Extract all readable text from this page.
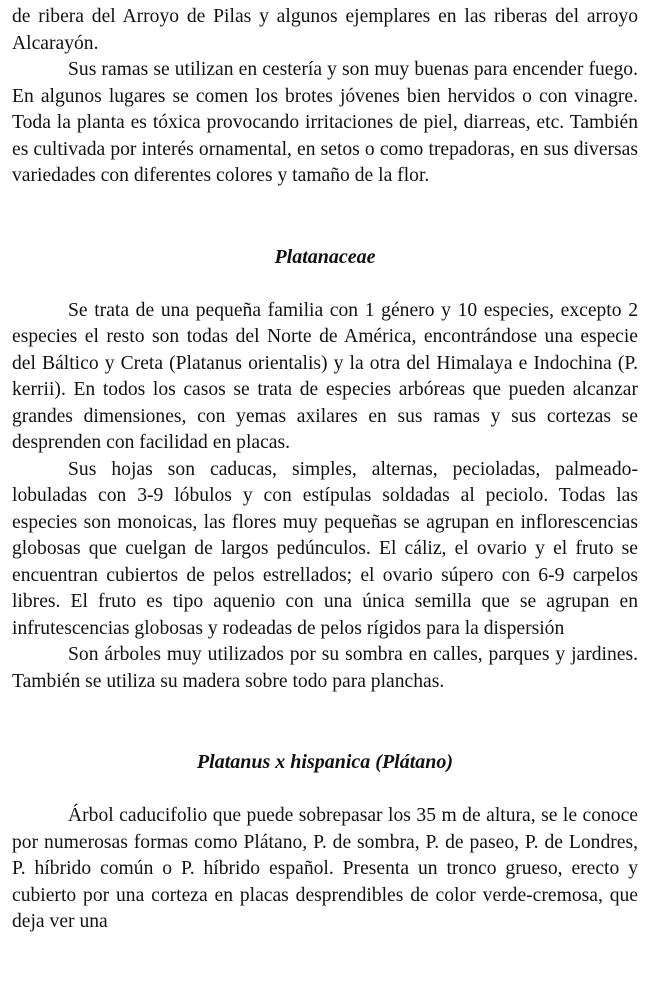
de ribera del Arroyo de Pilas y algunos ejemplares en las riberas del arroyo Alcarayón.

Sus ramas se utilizan en cestería y son muy buenas para encender fuego. En algunos lugares se comen los brotes jóvenes bien hervidos o con vinagre. Toda la planta es tóxica provocando irritaciones de piel, diarreas, etc. También es cultivada por interés ornamental, en setos o como trepadoras, en sus diversas variedades con diferentes colores y tamaño de la flor.

Platanaceae

Se trata de una pequeña familia con 1 género y 10 especies, excepto 2 especies el resto son todas del Norte de América, encontrándose una especie del Báltico y Creta (Platanus orientalis) y la otra del Himalaya e Indochina (P. kerrii). En todos los casos se trata de especies arbóreas que pueden alcanzar grandes dimensiones, con yemas axilares en sus ramas y sus cortezas se desprenden con facilidad en placas.

Sus hojas son caducas, simples, alternas, pecioladas, palmeado-lobuladas con 3-9 lóbulos y con estípulas soldadas al peciolo. Todas las especies son monoicas, las flores muy pequeñas se agrupan en inflorescencias globosas que cuelgan de largos pedúnculos. El cáliz, el ovario y el fruto se encuentran cubiertos de pelos estrellados; el ovario súpero con 6-9 carpelos libres. El fruto es tipo aquenio con una única semilla que se agrupan en infrutescencias globosas y rodeadas de pelos rígidos para la dispersión

Son árboles muy utilizados por su sombra en calles, parques y jardines. También se utiliza su madera sobre todo para planchas.

Platanus x hispanica (Plátano)

Árbol caducifolio que puede sobrepasar los 35 m de altura, se le conoce por numerosas formas como Plátano, P. de sombra, P. de paseo, P. de Londres, P. híbrido común o P. híbrido español. Presenta un tronco grueso, erecto y cubierto por una corteza en placas desprendibles de color verde-cremosa, que deja ver una
